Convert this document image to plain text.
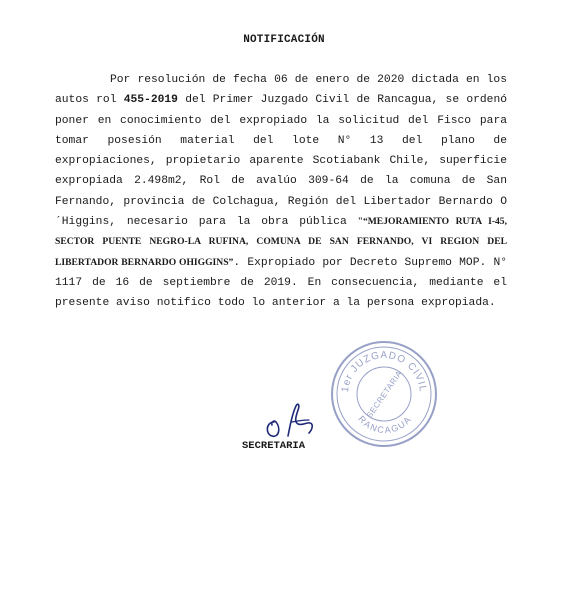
NOTIFICACIÓN

Por resolución de fecha 06 de enero de 2020 dictada en los autos rol 455-2019 del Primer Juzgado Civil de Rancagua, se ordenó poner en conocimiento del expropiado la solicitud del Fisco para tomar posesión material del lote N° 13 del plano de expropiaciones, propietario aparente Scotiabank Chile, superficie expropiada 2.498m2, Rol de avalúo 309-64 de la comuna de San Fernando, provincia de Colchagua, Región del Libertador Bernardo O´Higgins, necesario para la obra pública "“MEJORAMIENTO RUTA I-45, SECTOR PUENTE NEGRO-LA RUFINA, COMUNA DE SAN FERNANDO, VI REGION DEL LIBERTADOR BERNARDO OHIGGINS”. Expropiado por Decreto Supremo MOP. N° 1117 de 16 de septiembre de 2019. En consecuencia, mediante el presente aviso notifico todo lo anterior a la persona expropiada.

SECRETARIA
1er JUZGADO CIVIL
RANCAGUA
SECRETARIA
